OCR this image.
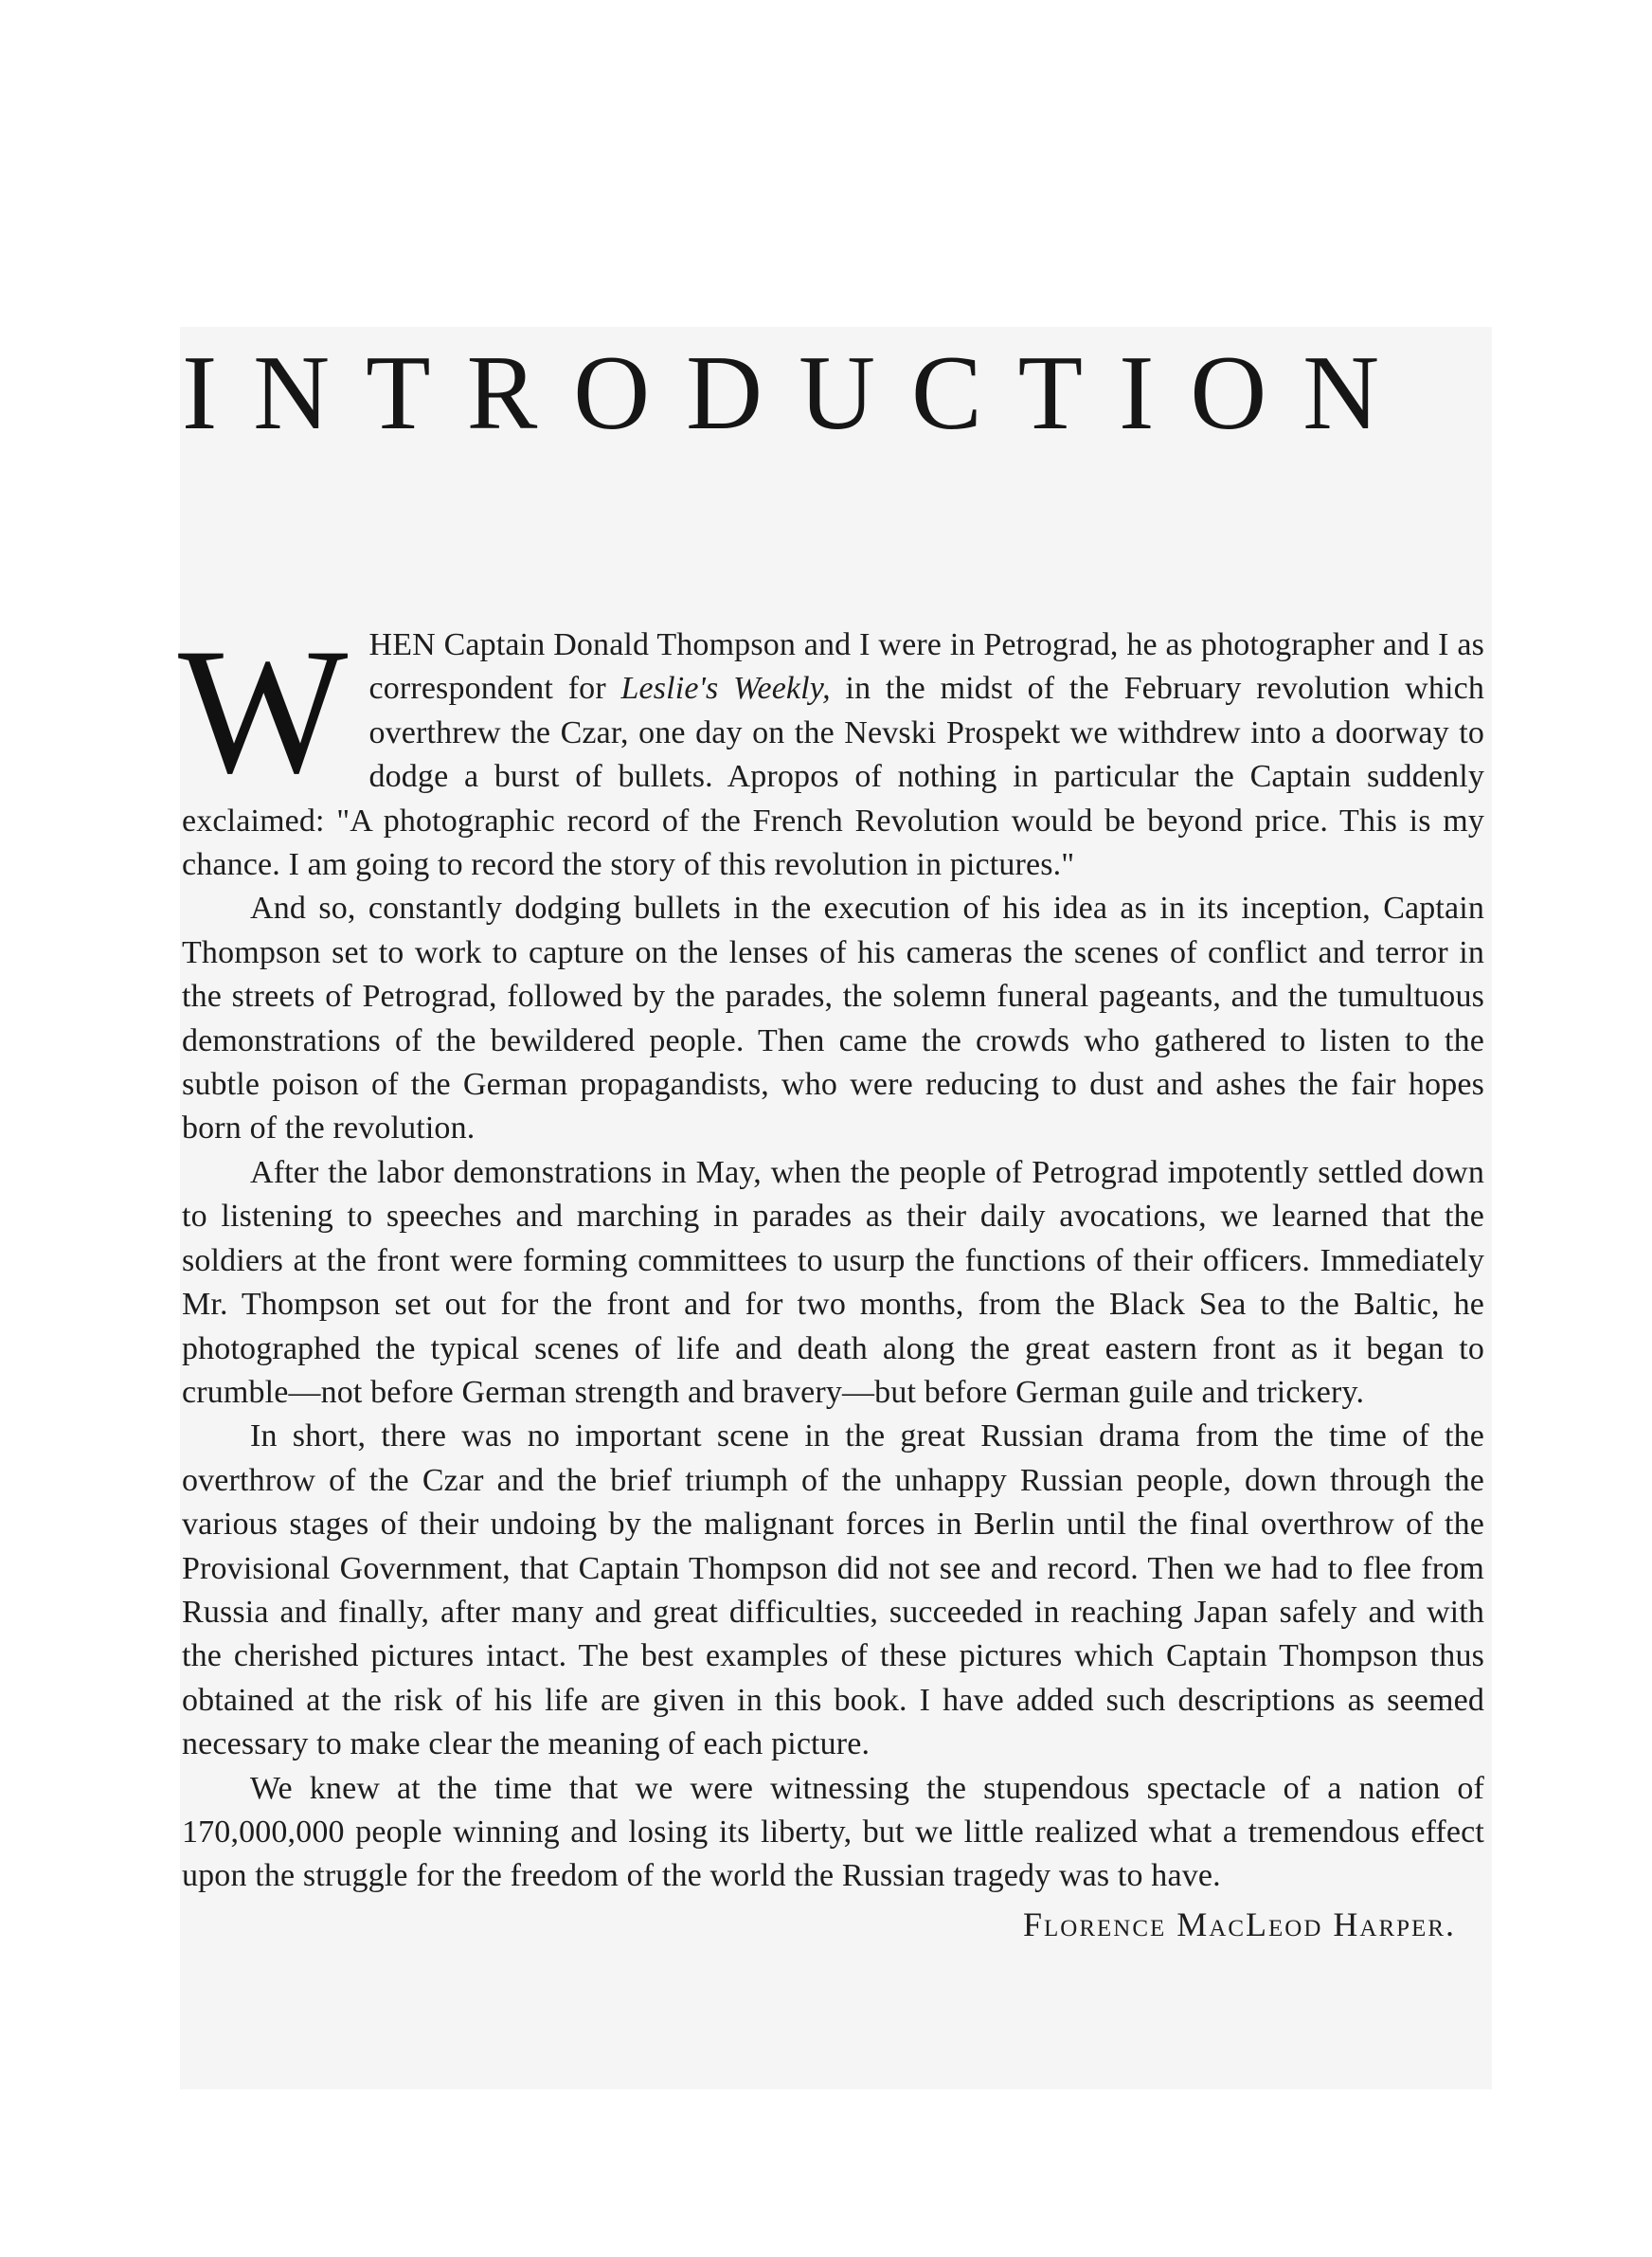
INTRODUCTION

WHEN Captain Donald Thompson and I were in Petrograd, he as photographer and I as correspondent for Leslie's Weekly, in the midst of the February revolution which overthrew the Czar, one day on the Nevski Prospekt we withdrew into a doorway to dodge a burst of bullets. Apropos of nothing in particular the Captain suddenly exclaimed: "A photographic record of the French Revolution would be beyond price. This is my chance. I am going to record the story of this revolution in pictures."

And so, constantly dodging bullets in the execution of his idea as in its inception, Captain Thompson set to work to capture on the lenses of his cameras the scenes of conflict and terror in the streets of Petrograd, followed by the parades, the solemn funeral pageants, and the tumultuous demonstrations of the bewildered people. Then came the crowds who gathered to listen to the subtle poison of the German propagandists, who were reducing to dust and ashes the fair hopes born of the revolution.

After the labor demonstrations in May, when the people of Petrograd impotently settled down to listening to speeches and marching in parades as their daily avocations, we learned that the soldiers at the front were forming committees to usurp the functions of their officers. Immediately Mr. Thompson set out for the front and for two months, from the Black Sea to the Baltic, he photographed the typical scenes of life and death along the great eastern front as it began to crumble—not before German strength and bravery—but before German guile and trickery.

In short, there was no important scene in the great Russian drama from the time of the overthrow of the Czar and the brief triumph of the unhappy Russian people, down through the various stages of their undoing by the malignant forces in Berlin until the final overthrow of the Provisional Government, that Captain Thompson did not see and record. Then we had to flee from Russia and finally, after many and great difficulties, succeeded in reaching Japan safely and with the cherished pictures intact. The best examples of these pictures which Captain Thompson thus obtained at the risk of his life are given in this book. I have added such descriptions as seemed necessary to make clear the meaning of each picture.

We knew at the time that we were witnessing the stupendous spectacle of a nation of 170,000,000 people winning and losing its liberty, but we little realized what a tremendous effect upon the struggle for the freedom of the world the Russian tragedy was to have.

Florence MacLeod Harper.
